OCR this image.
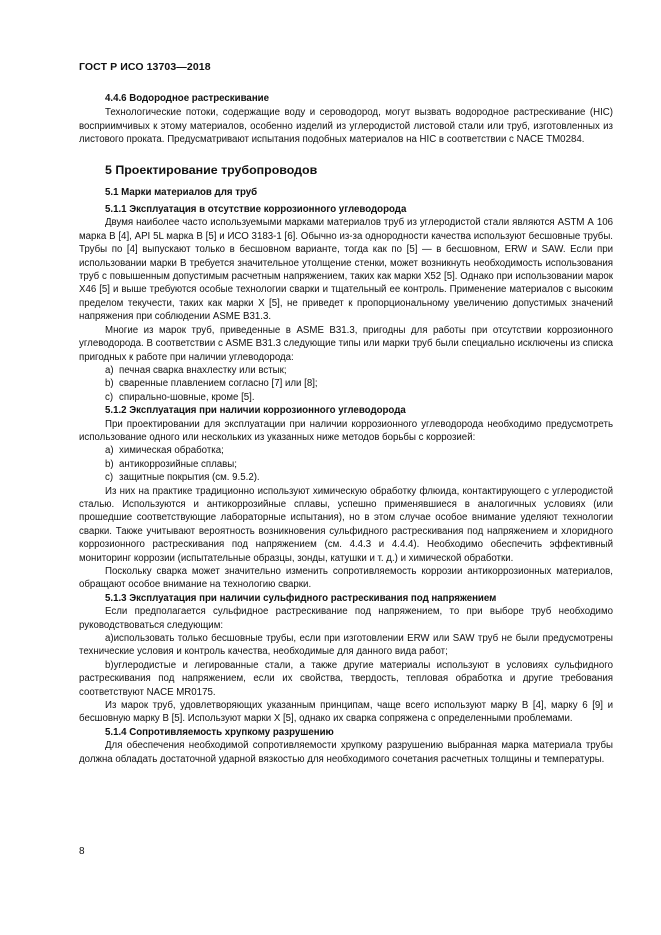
ГОСТ Р ИСО 13703—2018

4.4.6 Водородное растрескивание

Технологические потоки, содержащие воду и сероводород, могут вызвать водородное растрескивание (HIC) восприимчивых к этому материалов, особенно изделий из углеродистой листовой стали или труб, изготовленных из листового проката. Предусматривают испытания подобных материалов на HIC в соответствии с NACE ТМ0284.

5 Проектирование трубопроводов

5.1 Марки материалов для труб

5.1.1 Эксплуатация в отсутствие коррозионного углеводорода

Двумя наиболее часто используемыми марками материалов труб из углеродистой стали являются ASTM А 106 марка В [4], API 5L марка В [5] и ИСО 3183-1 [6]. Обычно из-за однородности качества используют бесшовные трубы. Трубы по [4] выпускают только в бесшовном варианте, тогда как по [5] — в бесшовном, ERW и SAW. Если при использовании марки В требуется значительное утолщение стенки, может возникнуть необходимость использования труб с повышенным допустимым расчетным напряжением, таких как марки Х52 [5]. Однако при использовании марок Х46 [5] и выше требуются особые технологии сварки и тщательный ее контроль. Применение материалов с высоким пределом текучести, таких как марки X [5], не приведет к пропорциональному увеличению допустимых значений напряжения при соблюдении ASME B31.3.

Многие из марок труб, приведенные в ASME В31.3, пригодны для работы при отсутствии коррозионного углеводорода. В соответствии с ASME В31.3 следующие типы или марки труб были специально исключены из списка пригодных к работе при наличии углеводорода:

a) печная сварка внахлестку или встык;

b) сваренные плавлением согласно [7] или [8];

c) спирально-шовные, кроме [5].

5.1.2 Эксплуатация при наличии коррозионного углеводорода

При проектировании для эксплуатации при наличии коррозионного углеводорода необходимо предусмотреть использование одного или нескольких из указанных ниже методов борьбы с коррозией:

a) химическая обработка;

b) антикоррозийные сплавы;

c) защитные покрытия (см. 9.5.2).

Из них на практике традиционно используют химическую обработку флюида, контактирующего с углеродистой сталью. Используются и антикоррозийные сплавы, успешно применявшиеся в аналогичных условиях (или прошедшие соответствующие лабораторные испытания), но в этом случае особое внимание уделяют технологии сварки. Также учитывают вероятность возникновения сульфидного растрескивания под напряжением и хлоридного коррозионного растрескивания под напряжением (см. 4.4.3 и 4.4.4). Необходимо обеспечить эффективный мониторинг коррозии (испытательные образцы, зонды, катушки и т. д.) и химической обработки.

Поскольку сварка может значительно изменить сопротивляемость коррозии антикоррозионных материалов, обращают особое внимание на технологию сварки.

5.1.3 Эксплуатация при наличии сульфидного растрескивания под напряжением

Если предполагается сульфидное растрескивание под напряжением, то при выборе труб необходимо руководствоваться следующим:

a)использовать только бесшовные трубы, если при изготовлении ERW или SAW труб не были предусмотрены технические условия и контроль качества, необходимые для данного вида работ;

b)углеродистые и легированные стали, а также другие материалы используют в условиях сульфидного растрескивания под напряжением, если их свойства, твердость, тепловая обработка и другие требования соответствуют NACE MR0175.

Из марок труб, удовлетворяющих указанным принципам, чаще всего используют марку В [4], марку 6 [9] и бесшовную марку В [5]. Используют марки X [5], однако их сварка сопряжена с определенными проблемами.

5.1.4 Сопротивляемость хрупкому разрушению

Для обеспечения необходимой сопротивляемости хрупкому разрушению выбранная марка материала трубы должна обладать достаточной ударной вязкостью для необходимого сочетания расчетных толщины и температуры.

8
